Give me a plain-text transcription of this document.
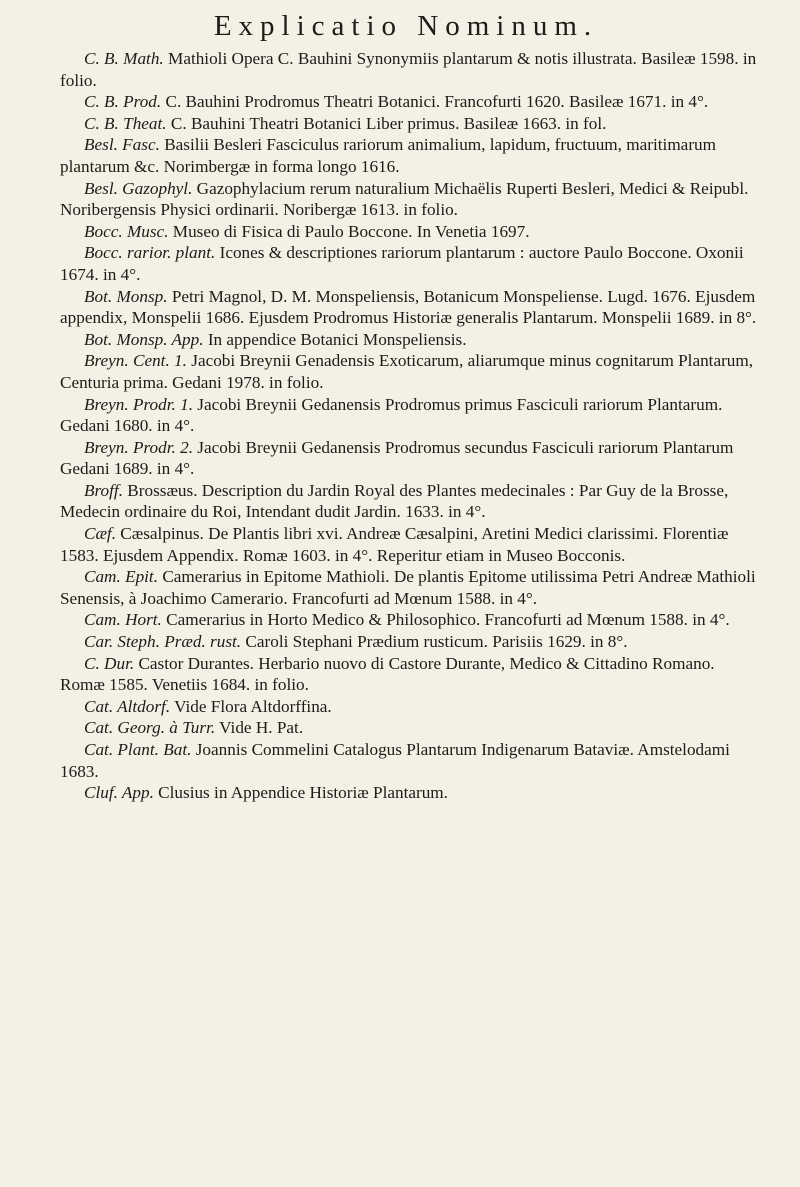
Explicatio Nominum.

C. B. Math. Mathioli Opera C. Bauhini Synonymiis plantarum & notis illustrata. Basileæ 1598. in folio.

C. B. Prod. C. Bauhini Prodromus Theatri Botanici. Francofurti 1620. Basileæ 1671. in 4°.

C. B. Theat. C. Bauhini Theatri Botanici Liber primus. Basileæ 1663. in fol.

Besl. Fasc. Basilii Besleri Fasciculus rariorum animalium, lapidum, fructuum, maritimarum plantarum &c. Norimbergæ in forma longo 1616.

Besl. Gazophyl. Gazophylacium rerum naturalium Michaëlis Ruperti Besleri, Medici & Reipubl. Noribergensis Physici ordinarii. Noribergæ 1613. in folio.

Bocc. Musc. Museo di Fisica di Paulo Boccone. In Venetia 1697.

Bocc. rarior. plant. Icones & descriptiones rariorum plantarum : auctore Paulo Boccone. Oxonii 1674. in 4°.

Bot. Monsp. Petri Magnol, D. M. Monspeliensis, Botanicum Monspeliense. Lugd. 1676. Ejusdem appendix, Monspelii 1686. Ejusdem Prodromus Historiæ generalis Plantarum. Monspelii 1689. in 8°.

Bot. Monsp. App. In appendice Botanici Monspeliensis.

Breyn. Cent. 1. Jacobi Breynii Genadensis Exoticarum, aliarumque minus cognitarum Plantarum, Centuria prima. Gedani 1978. in folio.

Breyn. Prodr. 1. Jacobi Breynii Gedanensis Prodromus primus Fasciculi rariorum Plantarum. Gedani 1680. in 4°.

Breyn. Prodr. 2. Jacobi Breynii Gedanensis Prodromus secundus Fasciculi rariorum Plantarum Gedani 1689. in 4°.

Broff. Brossæus. Description du Jardin Royal des Plantes medecinales : Par Guy de la Brosse, Medecin ordinaire du Roi, Intendant dudit Jardin. 1633. in 4°.

Cæf. Cæsalpinus. De Plantis libri xvi. Andreæ Cæsalpini, Aretini Medici clarissimi. Florentiæ 1583. Ejusdem Appendix. Romæ 1603. in 4°. Reperitur etiam in Museo Bocconis.

Cam. Epit. Camerarius in Epitome Mathioli. De plantis Epitome utilissima Petri Andreæ Mathioli Senensis, à Joachimo Camerario. Francofurti ad Mœnum 1588. in 4°.

Cam. Hort. Camerarius in Horto Medico & Philosophico. Francofurti ad Mœnum 1588. in 4°.

Car. Steph. Præd. rust. Caroli Stephani Prædium rusticum. Parisiis 1629. in 8°.

C. Dur. Castor Durantes. Herbario nuovo di Castore Durante, Medico & Cittadino Romano. Romæ 1585. Venetiis 1684. in folio.

Cat. Altdorf. Vide Flora Altdorffina.

Cat. Georg. à Turr. Vide H. Pat.

Cat. Plant. Bat. Joannis Commelini Catalogus Plantarum Indigenarum Bataviæ. Amstelodami 1683.

Cluf. App. Clusius in Appendice Historiæ Plantarum.
